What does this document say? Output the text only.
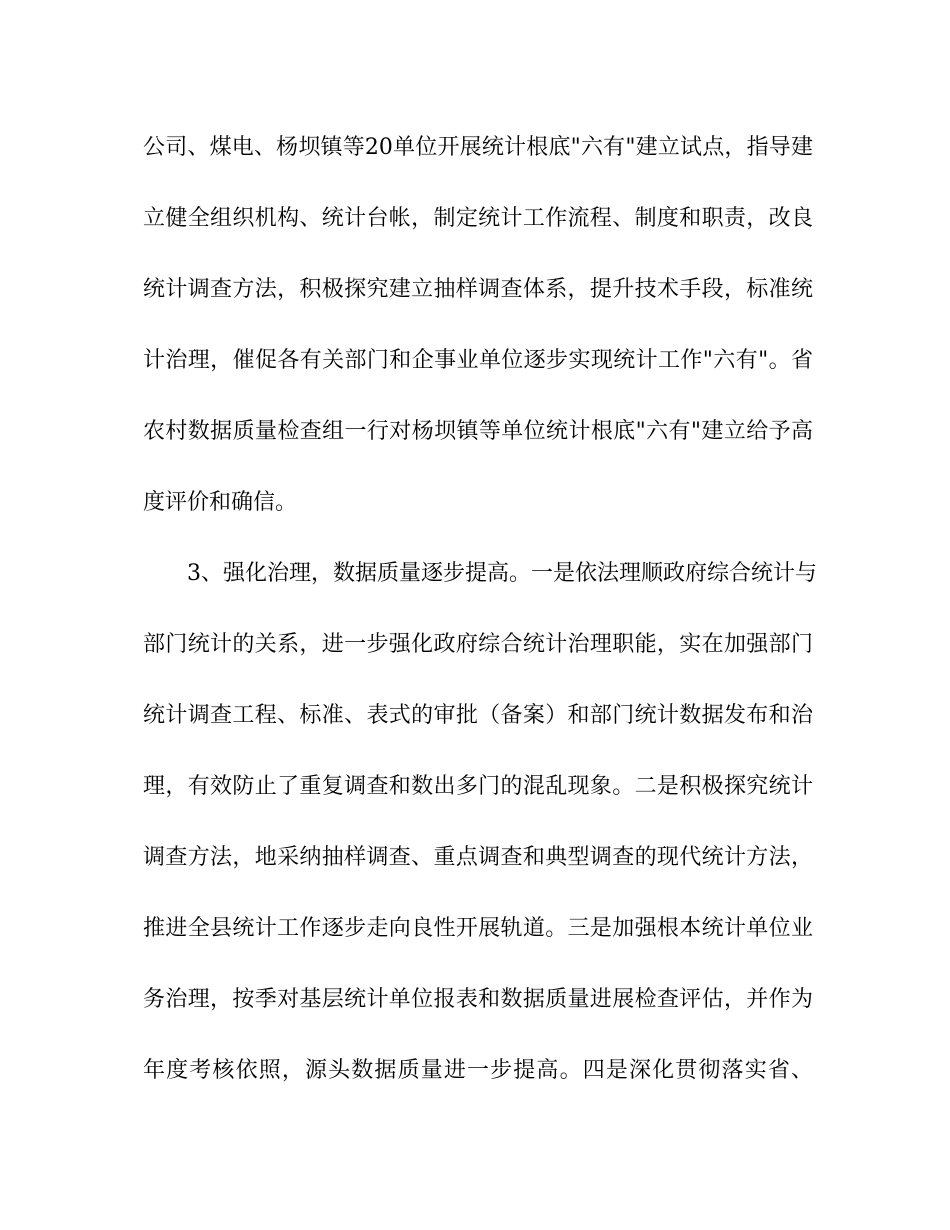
公司、煤电、杨坝镇等20单位开展统计根底"六有"建立试点，指导建
立健全组织机构、统计台帐，制定统计工作流程、制度和职责，改良
统计调查方法，积极探究建立抽样调查体系，提升技术手段，标准统
计治理，催促各有关部门和企事业单位逐步实现统计工作"六有"。省
农村数据质量检查组一行对杨坝镇等单位统计根底"六有"建立给予高
度评价和确信。
3、强化治理，数据质量逐步提高。一是依法理顺政府综合统计与
部门统计的关系，进一步强化政府综合统计治理职能，实在加强部门
统计调查工程、标准、表式的审批（备案）和部门统计数据发布和治
理，有效防止了重复调查和数出多门的混乱现象。二是积极探究统计
调查方法，地采纳抽样调查、重点调查和典型调查的现代统计方法，
推进全县统计工作逐步走向良性开展轨道。三是加强根本统计单位业
务治理，按季对基层统计单位报表和数据质量进展检查评估，并作为
年度考核依照，源头数据质量进一步提高。四是深化贯彻落实省、
